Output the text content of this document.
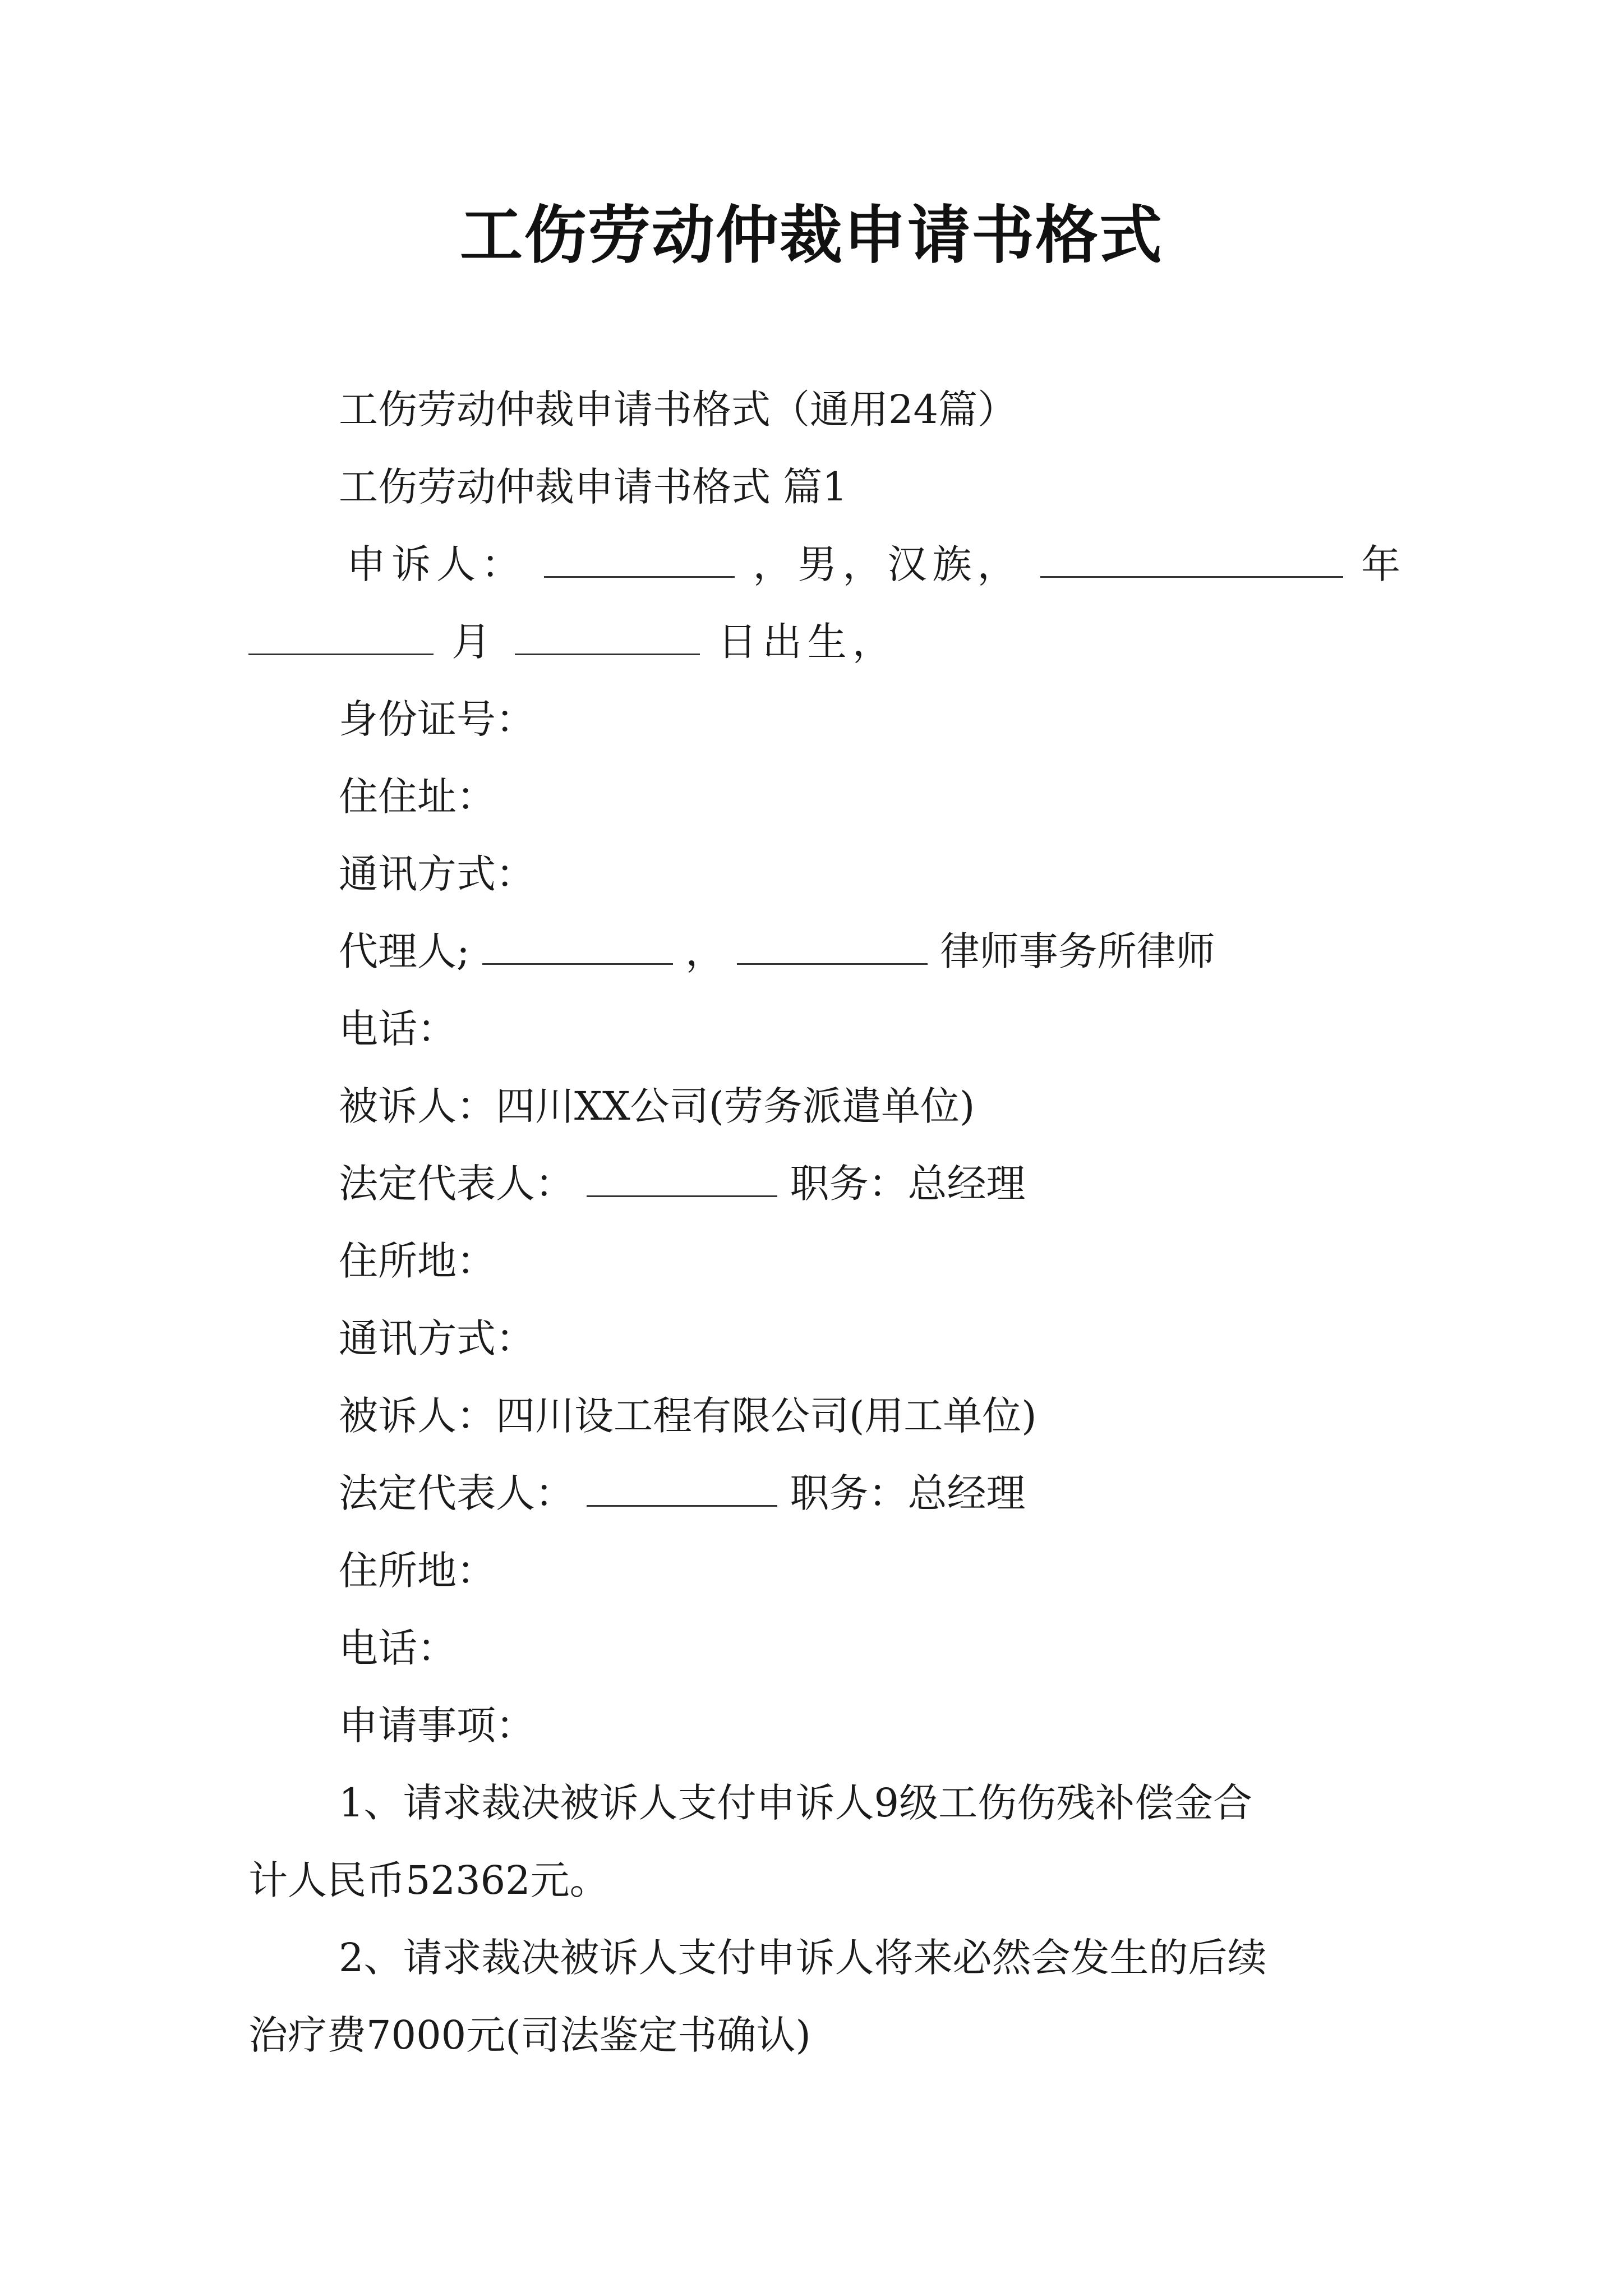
工伤劳动仲裁申请书格式
工伤劳动仲裁申请书格式（通用24篇）
工伤劳动仲裁申请书格式 篇1
申诉人：	，男，汉族，	年
月	日出生，
身份证号：
住住址：
通讯方式：
代理人;	，	律师事务所律师
电话：
被诉人：四川XX公司(劳务派遣单位)
法定代表人：	职务：总经理
住所地：
通讯方式：
被诉人：四川设工程有限公司(用工单位)
法定代表人：	职务：总经理
住所地：
电话：
申请事项：
1、请求裁决被诉人支付申诉人9级工伤伤残补偿金合
计人民币52362元。
2、请求裁决被诉人支付申诉人将来必然会发生的后续
治疗费7000元(司法鉴定书确认)
